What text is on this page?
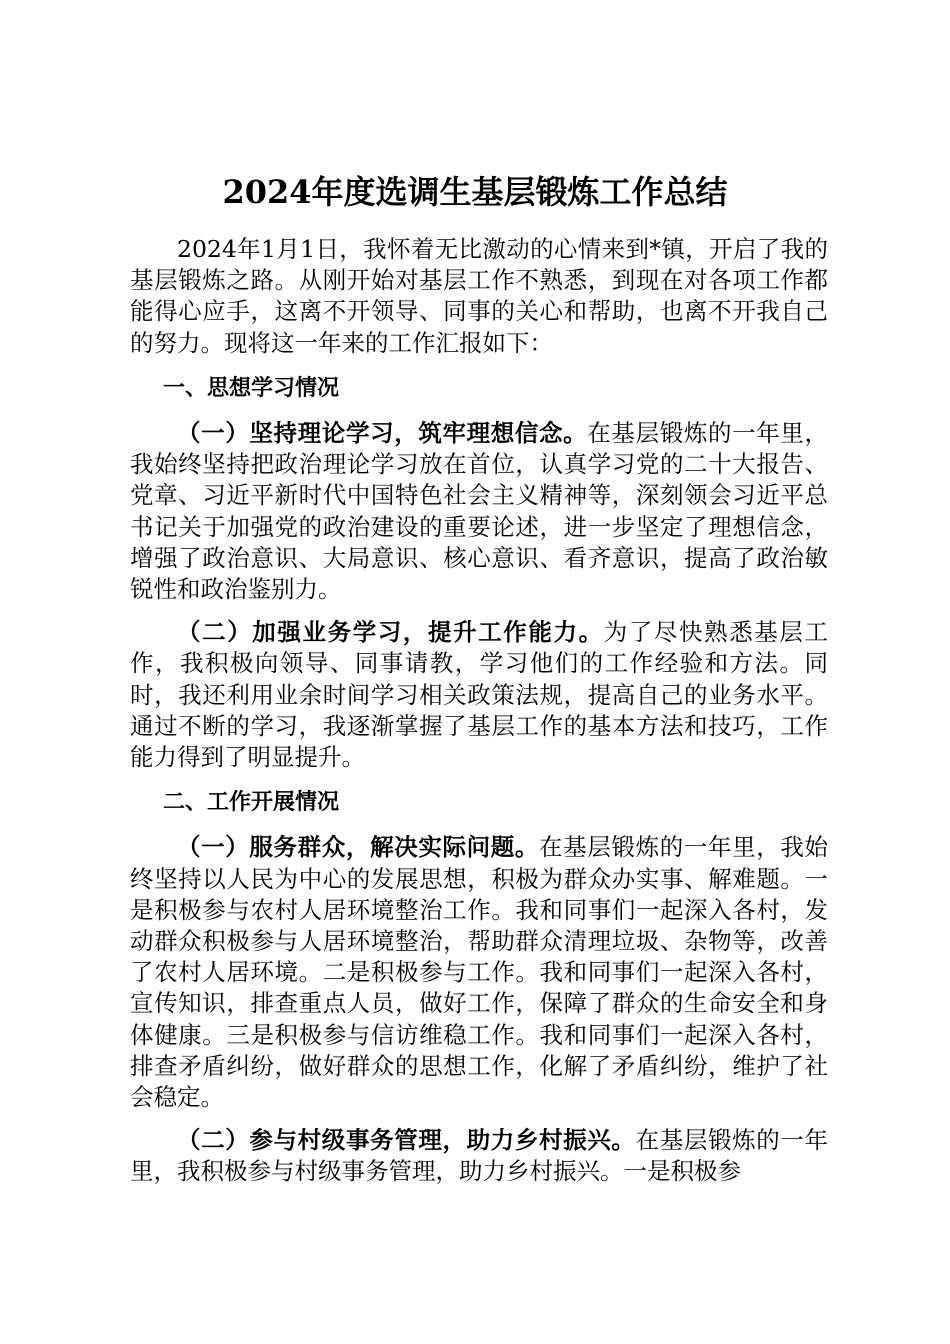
2024年度选调生基层锻炼工作总结

2024年1月1日，我怀着无比激动的心情来到*镇，开启了我的基层锻炼之路。从刚开始对基层工作不熟悉，到现在对各项工作都能得心应手，这离不开领导、同事的关心和帮助，也离不开我自己的努力。现将这一年来的工作汇报如下：

一、思想学习情况

（一）坚持理论学习，筑牢理想信念。在基层锻炼的一年里，我始终坚持把政治理论学习放在首位，认真学习党的二十大报告、党章、习近平新时代中国特色社会主义精神等，深刻领会习近平总书记关于加强党的政治建设的重要论述，进一步坚定了理想信念，增强了政治意识、大局意识、核心意识、看齐意识，提高了政治敏锐性和政治鉴别力。

（二）加强业务学习，提升工作能力。为了尽快熟悉基层工作，我积极向领导、同事请教，学习他们的工作经验和方法。同时，我还利用业余时间学习相关政策法规，提高自己的业务水平。通过不断的学习，我逐渐掌握了基层工作的基本方法和技巧，工作能力得到了明显提升。

二、工作开展情况

（一）服务群众，解决实际问题。在基层锻炼的一年里，我始终坚持以人民为中心的发展思想，积极为群众办实事、解难题。一是积极参与农村人居环境整治工作。我和同事们一起深入各村，发动群众积极参与人居环境整治，帮助群众清理垃圾、杂物等，改善了农村人居环境。二是积极参与工作。我和同事们一起深入各村，宣传知识，排查重点人员，做好工作，保障了群众的生命安全和身体健康。三是积极参与信访维稳工作。我和同事们一起深入各村，排查矛盾纠纷，做好群众的思想工作，化解了矛盾纠纷，维护了社会稳定。

（二）参与村级事务管理，助力乡村振兴。在基层锻炼的一年里，我积极参与村级事务管理，助力乡村振兴。一是积极参
